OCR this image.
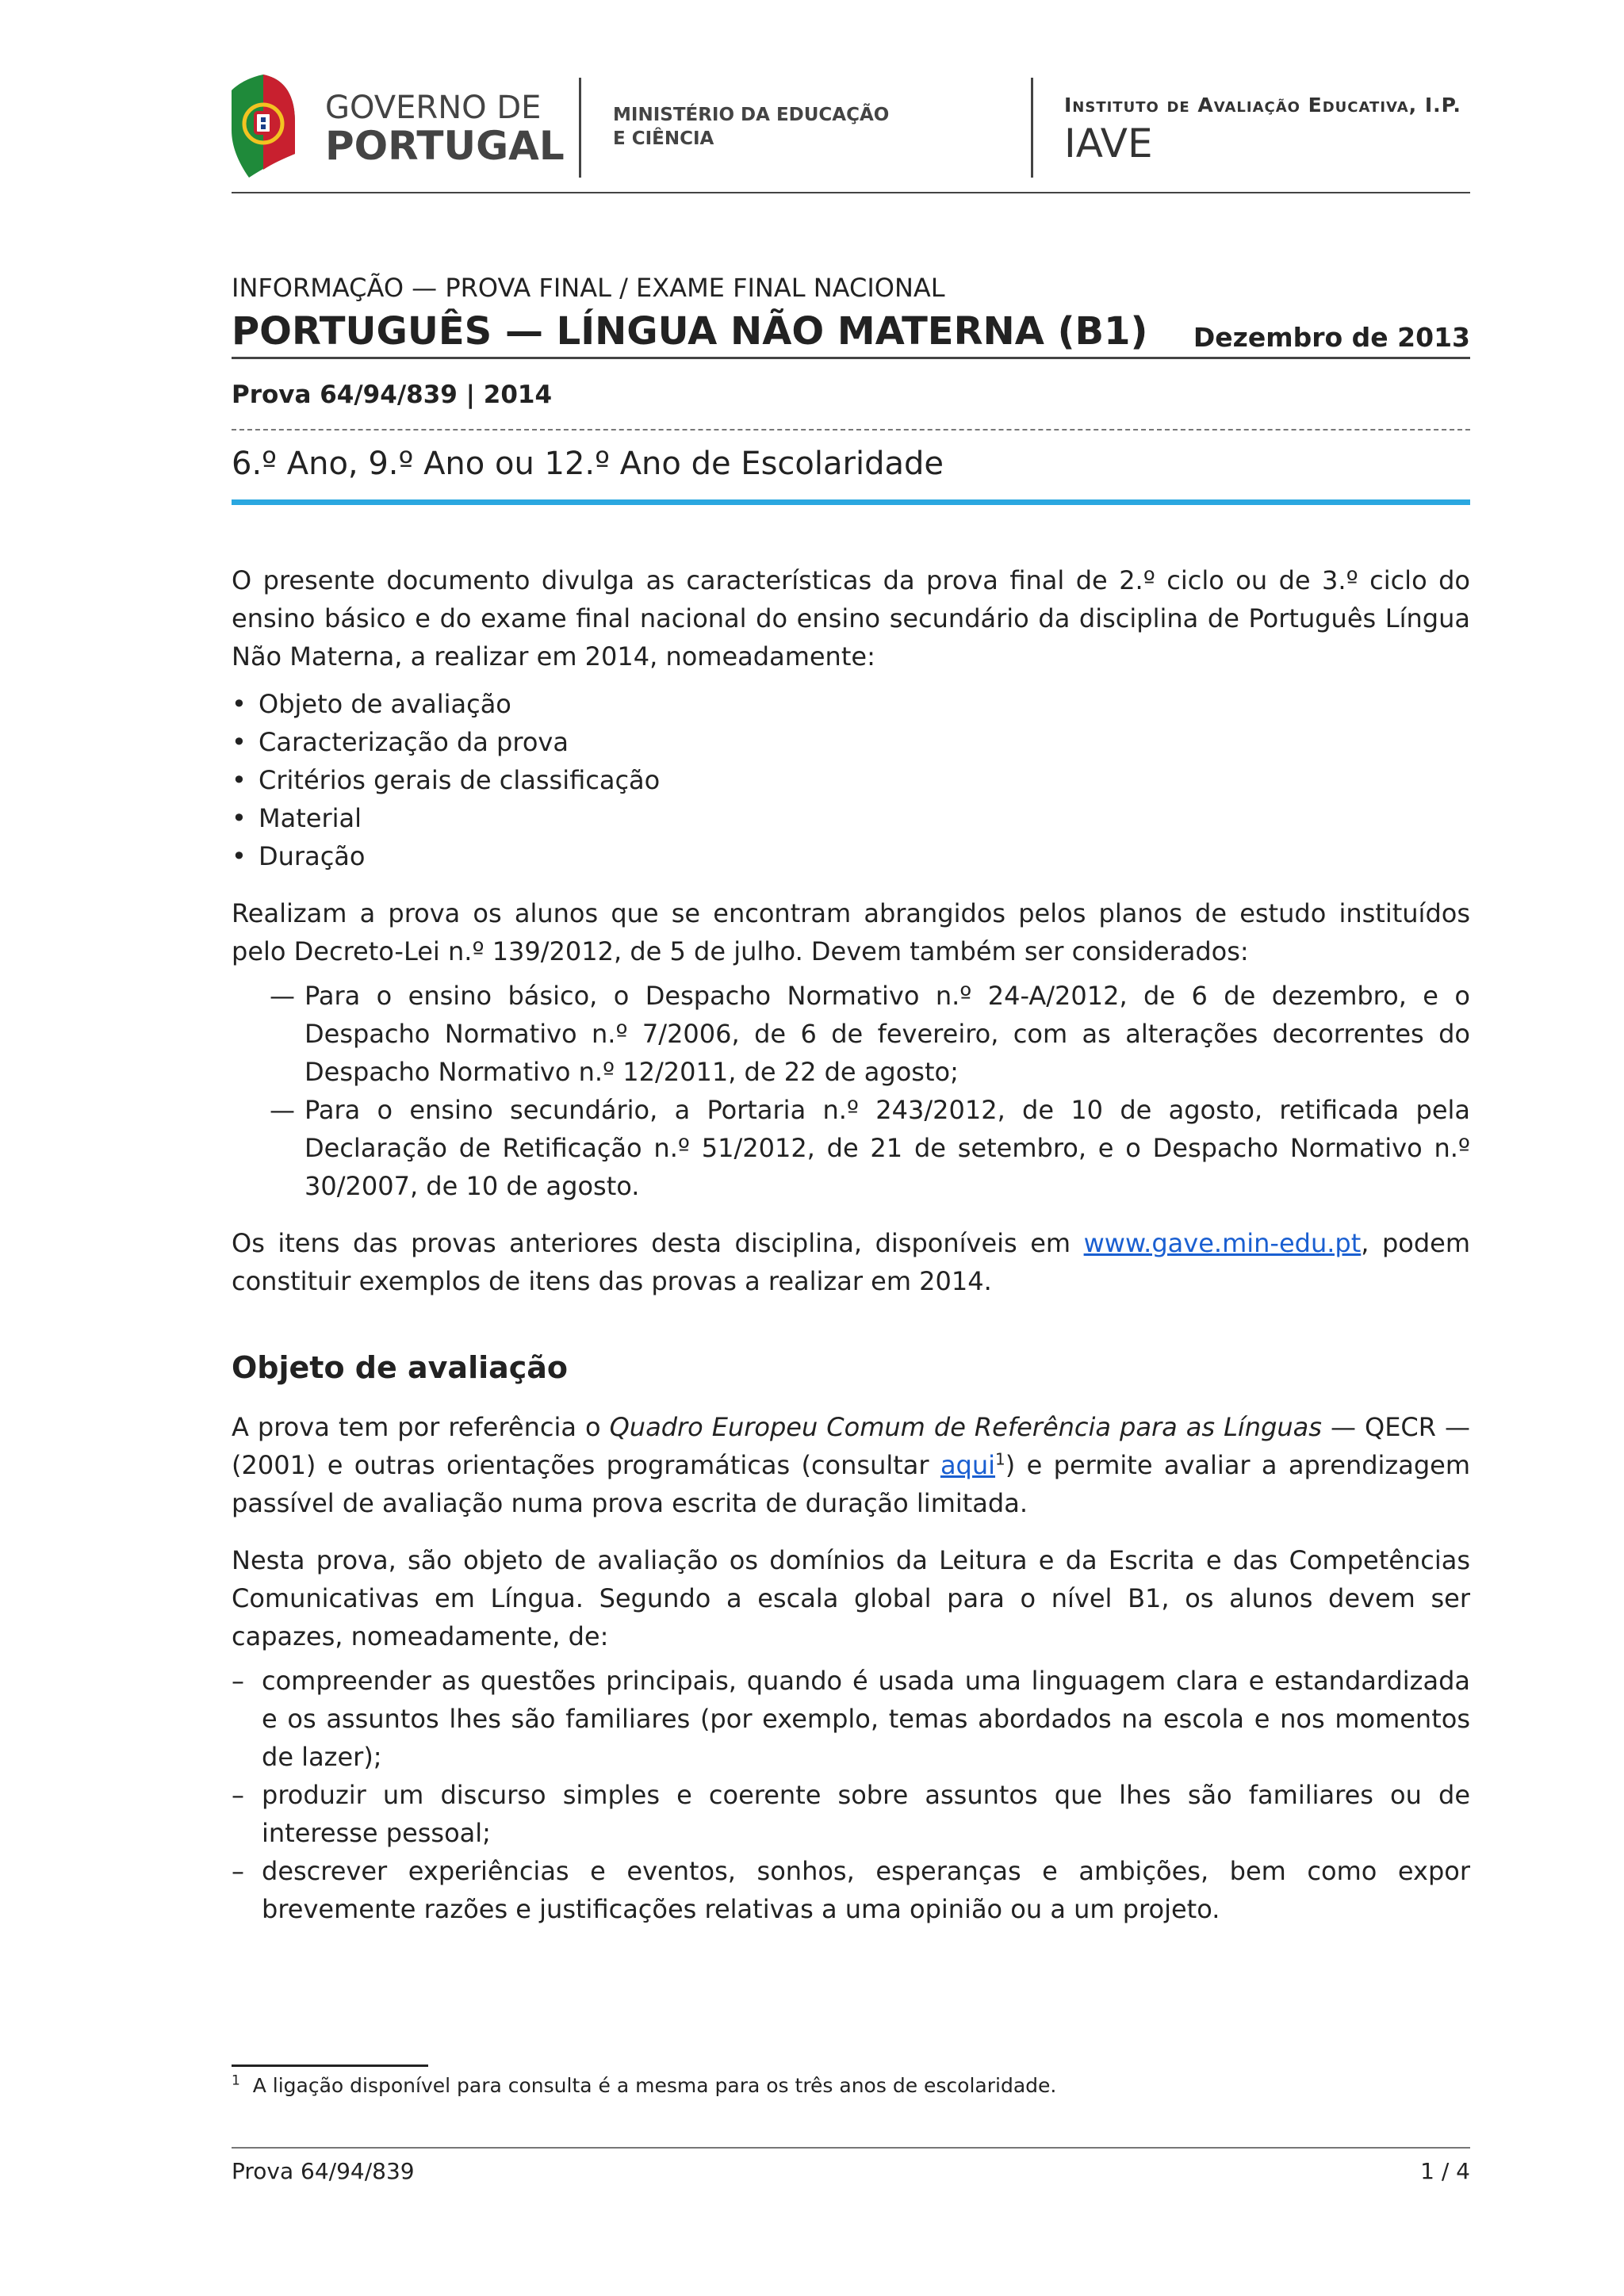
GOVERNO DE
PORTUGAL
MINISTÉRIO DA EDUCAÇÃO
E CIÊNCIA
Instituto de Avaliação Educativa, I.P.
IAVE
INFORMAÇÃO — PROVA FINAL / EXAME FINAL NACIONAL
PORTUGUÊS — LÍNGUA NÃO MATERNA (B1) Dezembro de 2013
Prova 64/94/839 | 2014
6.º Ano, 9.º Ano ou 12.º Ano de Escolaridade

O presente documento divulga as características da prova final de 2.º ciclo ou de 3.º ciclo do ensino básico e do exame final nacional do ensino secundário da disciplina de Português Língua Não Materna, a realizar em 2014, nomeadamente:

• Objeto de avaliação
• Caracterização da prova
• Critérios gerais de classificação
• Material
• Duração

Realizam a prova os alunos que se encontram abrangidos pelos planos de estudo instituídos pelo Decreto-Lei n.º 139/2012, de 5 de julho. Devem também ser considerados:

— Para o ensino básico, o Despacho Normativo n.º 24-A/2012, de 6 de dezembro, e o Despacho Normativo n.º 7/2006, de 6 de fevereiro, com as alterações decorrentes do Despacho Normativo n.º 12/2011, de 22 de agosto;
— Para o ensino secundário, a Portaria n.º 243/2012, de 10 de agosto, retificada pela Declaração de Retificação n.º 51/2012, de 21 de setembro, e o Despacho Normativo n.º 30/2007, de 10 de agosto.

Os itens das provas anteriores desta disciplina, disponíveis em www.gave.min-edu.pt, podem constituir exemplos de itens das provas a realizar em 2014.

Objeto de avaliação

A prova tem por referência o Quadro Europeu Comum de Referência para as Línguas — QECR — (2001) e outras orientações programáticas (consultar aqui$^1$) e permite avaliar a aprendizagem passível de avaliação numa prova escrita de duração limitada.

Nesta prova, são objeto de avaliação os domínios da Leitura e da Escrita e das Competências Comunicativas em Língua. Segundo a escala global para o nível B1, os alunos devem ser capazes, nomeadamente, de:

– compreender as questões principais, quando é usada uma linguagem clara e estandardizada e os assuntos lhes são familiares (por exemplo, temas abordados na escola e nos momentos de lazer);
– produzir um discurso simples e coerente sobre assuntos que lhes são familiares ou de interesse pessoal;
– descrever experiências e eventos, sonhos, esperanças e ambições, bem como expor brevemente razões e justificações relativas a uma opinião ou a um projeto.
$^1$ A ligação disponível para consulta é a mesma para os três anos de escolaridade.
Prova 64/94/839	1 / 4
